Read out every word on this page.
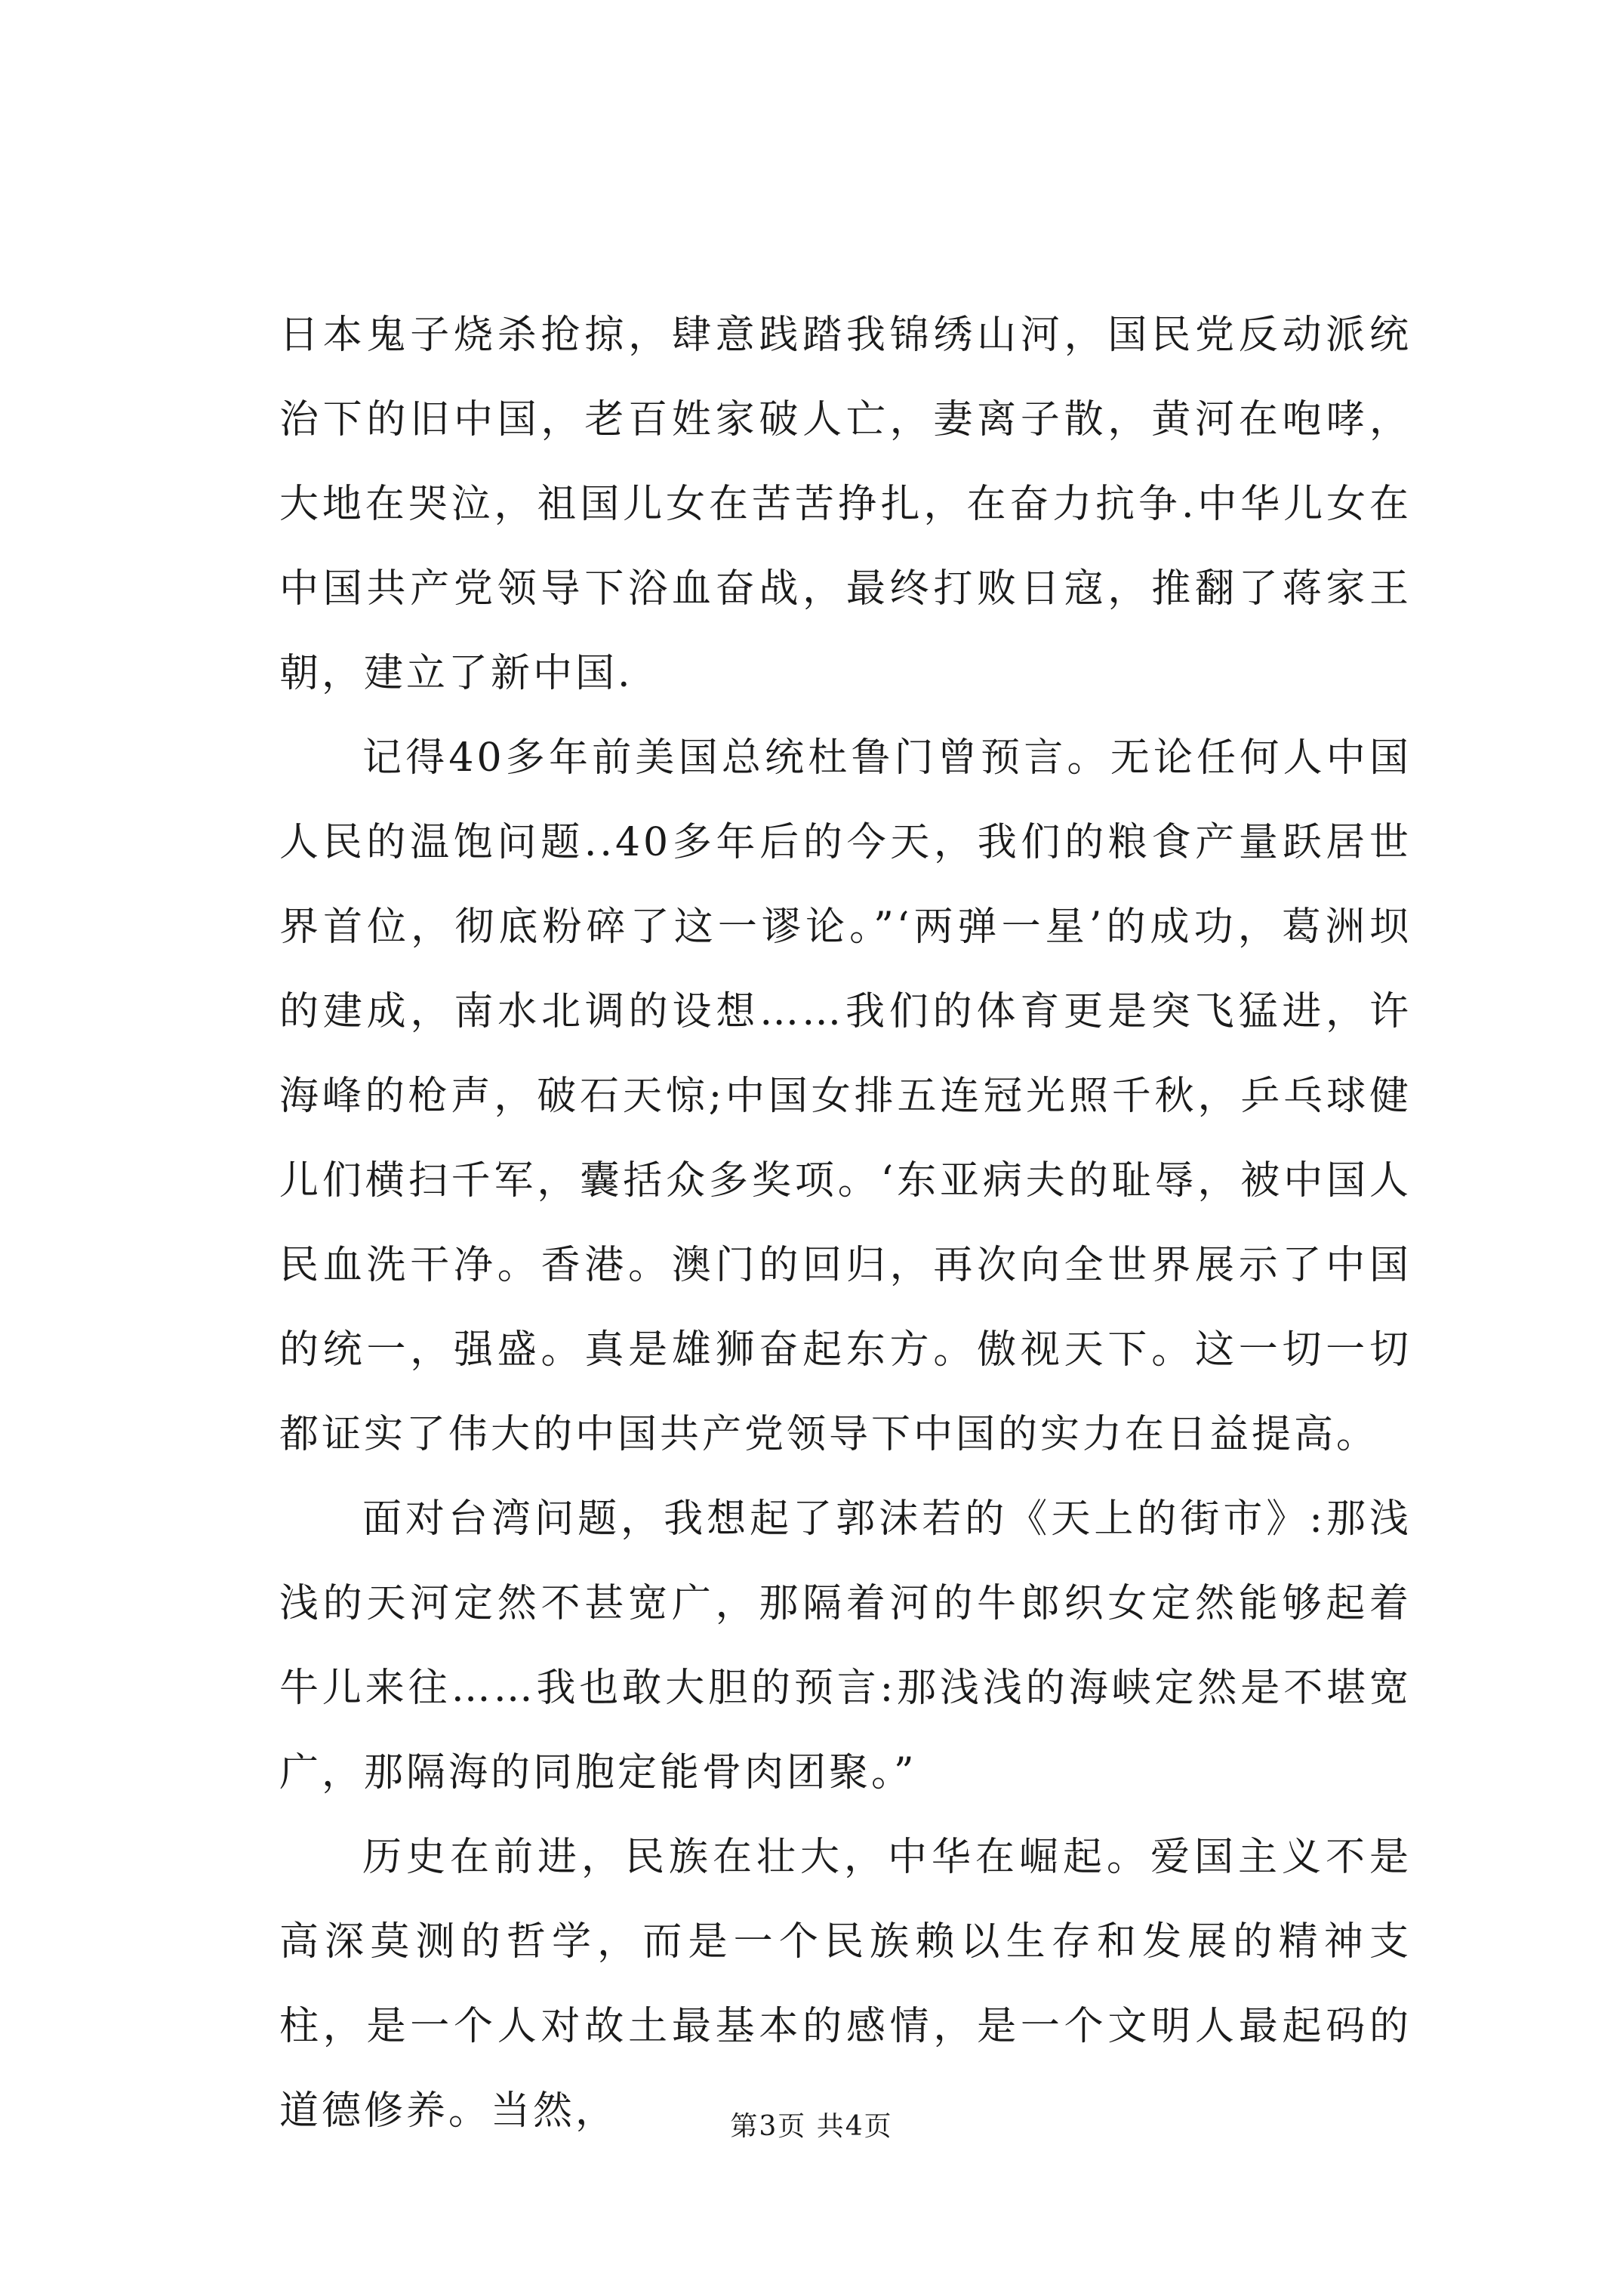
日本鬼子烧杀抢掠，肆意践踏我锦绣山河，国民党反动派统治下的旧中国，老百姓家破人亡，妻离子散，黄河在咆哮，大地在哭泣，祖国儿女在苦苦挣扎，在奋力抗争.中华儿女在中国共产党领导下浴血奋战，最终打败日寇，推翻了蒋家王朝，建立了新中国.

记得40多年前美国总统杜鲁门曾预言。无论任何人中国人民的温饱问题..40多年后的今天，我们的粮食产量跃居世界首位，彻底粉碎了这一谬论。”‘两弹一星’的成功，葛洲坝的建成，南水北调的设想……我们的体育更是突飞猛进，许海峰的枪声，破石天惊;中国女排五连冠光照千秋，乒乓球健儿们横扫千军，囊括众多奖项。‘东亚病夫的耻辱，被中国人民血洗干净。香港。澳门的回归，再次向全世界展示了中国的统一，强盛。真是雄狮奋起东方。傲视天下。这一切一切都证实了伟大的中国共产党领导下中国的实力在日益提高。

面对台湾问题，我想起了郭沫若的《天上的街市》:那浅浅的天河定然不甚宽广，那隔着河的牛郎织女定然能够起着牛儿来往……我也敢大胆的预言:那浅浅的海峡定然是不堪宽广，那隔海的同胞定能骨肉团聚。”

历史在前进，民族在壮大，中华在崛起。爱国主义不是高深莫测的哲学，而是一个民族赖以生存和发展的精神支柱，是一个人对故土最基本的感情，是一个文明人最起码的道德修养。当然，	第3页 共4页
